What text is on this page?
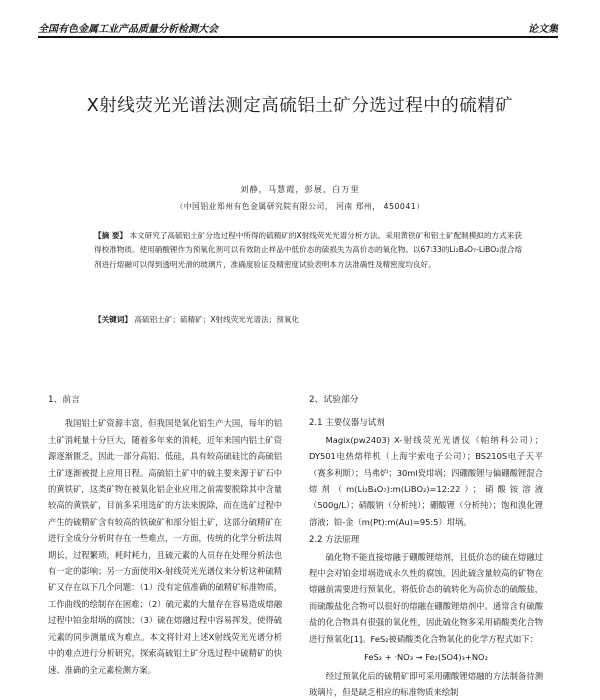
全国有色金属工业产品质量分析检测大会	论文集
X射线荧光光谱法测定高硫铝土矿分选过程中的硫精矿
刘静，马慧霞，彭展，白万里
（中国铝业郑州有色金属研究院有限公司， 河南 郑州， 450041）
【摘 要】 本文研究了高硫铝土矿分选过程中所得的硫精矿的X射线荧光光谱分析方法。采用黄铁矿和铝土矿配制模拟的方式来获得校准物质。使用硝酸锂作为预氧化剂可以有效防止样品中低价态的硫损失为高价态的氧化物。以67∶33的Li₂B₄O₇-LiBO₂混合熔剂进行熔融可以得到透明光滑的玻璃片，准确度验证及精密度试验表明本方法准确性及精密度均良好。
【关键词】 高硫铝土矿；硫精矿；X射线荧光光谱法；预氧化
1、前言

我国铝土矿资源丰富，但我国是氧化铝生产大国，每年的铝土矿消耗量十分巨大，随着多年来的消耗，近年来国内铝土矿资源逐渐匮乏，因此一部分高铝、低硅，具有较高硫硅比的高硫铝土矿逐渐被提上应用日程。高硫铝土矿中的硫主要来源于矿石中的黄铁矿，这类矿物在被氧化铝企业应用之前需要脱除其中含量较高的黄铁矿，目前多采用选矿的方法来脱除，而在选矿过程中产生的硫精矿含有较高的铁硫矿和部分铝土矿，这部分硫精矿在进行全成分分析时存在一些难点，一方面，传统的化学分析法周期长，过程繁琐，耗时耗力，且硫元素的人员存在处理分析法也有一定的影响；另一方面使用X-射线荧光光谱仪来分析这种硫精矿又存在以下几个问题：（1）没有定值准确的硫精矿标准物质，工作曲线的绘制存在困难；（2）硫元素的大量存在容易造成熔融过程中铂金坩埚的腐蚀；（3）硫在熔融过程中容易挥发，使得硫元素的同步测量成为难点。本文将针对上述X射线荧光光谱分析中的难点进行分析研究，探索高硫铝土矿分选过程中硫精矿的快速、准确的全元素检测方案。

2、试验部分
2.1 主要仪器与试剂

Magix(pw2403) X-射线荧光光谱仪（帕纳科公司）；DY501电热熔样机（上海宇索电子公司）；BS210S电子天平（赛多利斯）；马弗炉；30ml瓷坩埚；四硼酸锂与偏硼酸锂混合熔剂（m(Li₂B₄O₇):m(LiBO₂)=12:22）；硝酸铵溶液（500g/L）；硝酸钠（分析纯）；硼酸锂（分析纯）；饱和溴化锂溶液；铂-金（m(Pt):m(Au)=95:5）坩埚。

2.2 方法原理

硫化物不能直接熔融于硼酸锂熔剂，且低价态的硫在熔融过程中会对铂金坩埚造成永久性的腐蚀，因此硫含量较高的矿物在熔融前需要进行预氧化，将低价态的硫转化为高价态的硫酸盐，而硫酸盐化合物可以很好的熔融在硼酸锂熔剂中。通常含有硫酸盐的化合物具有很强的氧化性，因此硫化物多采用硝酸类化合物进行预氧化[1]。FeS₂被硝酸类化合物氧化的化学方程式如下：

FeS₂ + ·NO₃ → Fe₂(SO4)₃+NO₂

经过预氧化后的硫精矿即可采用硼酸锂熔融的方法制备待测玻璃片，但是缺乏相应的标准物质来绘制
